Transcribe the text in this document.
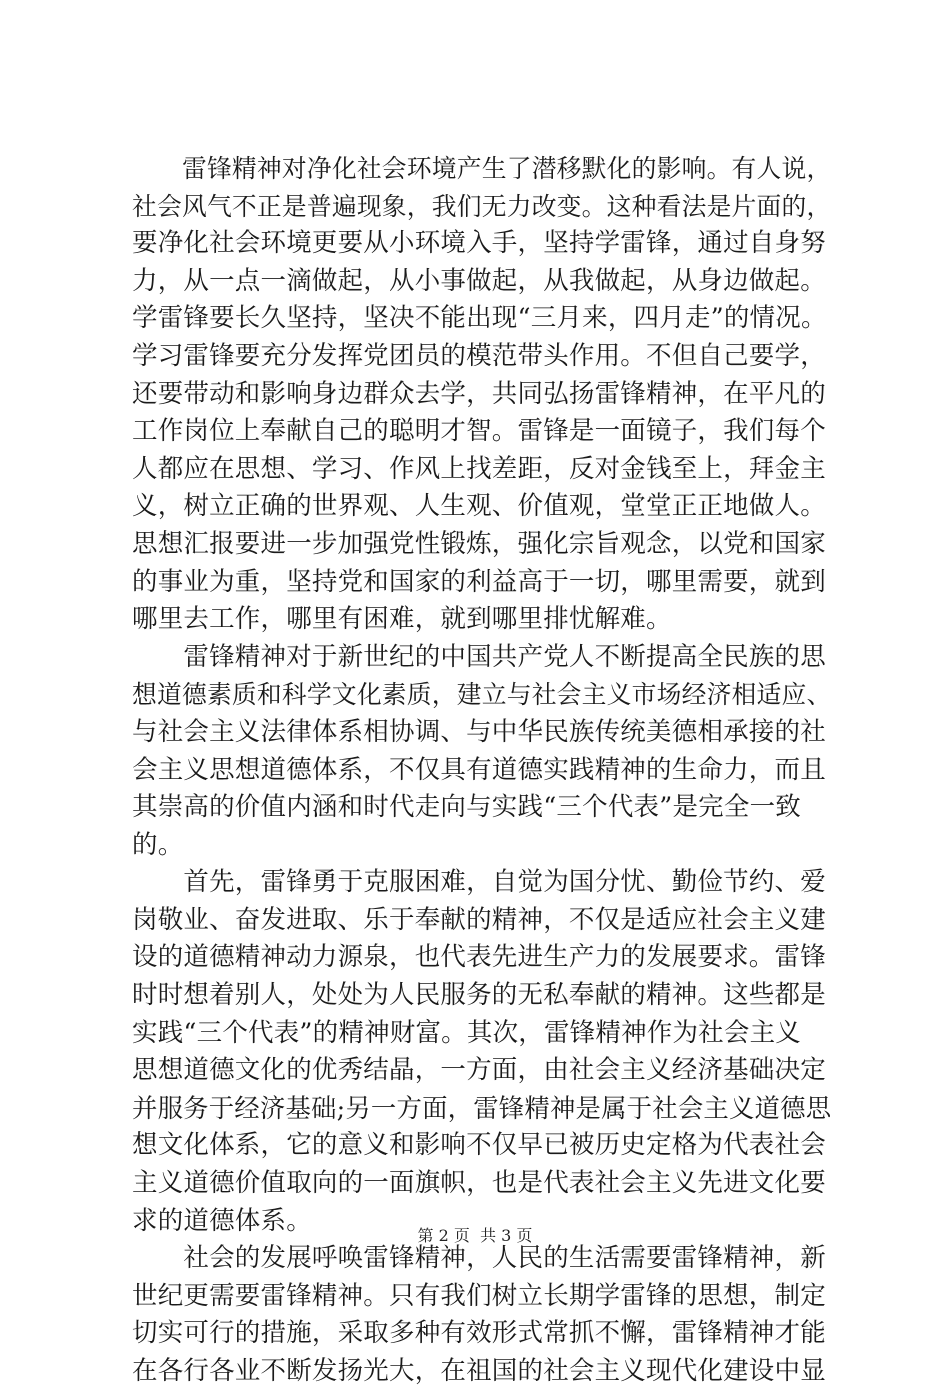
　　雷锋精神对净化社会环境产生了潜移默化的影响。有人说，
社会风气不正是普遍现象，我们无力改变。这种看法是片面的，
要净化社会环境更要从小环境入手，坚持学雷锋，通过自身努
力，从一点一滴做起，从小事做起，从我做起，从身边做起。
学雷锋要长久坚持，坚决不能出现“三月来，四月走”的情况。
学习雷锋要充分发挥党团员的模范带头作用。不但自己要学，
还要带动和影响身边群众去学，共同弘扬雷锋精神，在平凡的
工作岗位上奉献自己的聪明才智。雷锋是一面镜子，我们每个
人都应在思想、学习、作风上找差距，反对金钱至上，拜金主
义，树立正确的世界观、人生观、价值观，堂堂正正地做人。
思想汇报要进一步加强党性锻炼，强化宗旨观念，以党和国家
的事业为重，坚持党和国家的利益高于一切，哪里需要，就到
哪里去工作，哪里有困难，就到哪里排忧解难。
　　雷锋精神对于新世纪的中国共产党人不断提高全民族的思
想道德素质和科学文化素质，建立与社会主义市场经济相适应、
与社会主义法律体系相协调、与中华民族传统美德相承接的社
会主义思想道德体系，不仅具有道德实践精神的生命力，而且
其崇高的价值内涵和时代走向与实践“三个代表”是完全一致
的。
　　首先，雷锋勇于克服困难，自觉为国分忧、勤俭节约、爱
岗敬业、奋发进取、乐于奉献的精神，不仅是适应社会主义建
设的道德精神动力源泉，也代表先进生产力的发展要求。雷锋
时时想着别人，处处为人民服务的无私奉献的精神。这些都是
实践“三个代表”的精神财富。其次，雷锋精神作为社会主义
思想道德文化的优秀结晶，一方面，由社会主义经济基础决定
并服务于经济基础;另一方面，雷锋精神是属于社会主义道德思
想文化体系，它的意义和影响不仅早已被历史定格为代表社会
主义道德价值取向的一面旗帜，也是代表社会主义先进文化要
求的道德体系。
　　社会的发展呼唤雷锋精神，人民的生活需要雷锋精神，新
世纪更需要雷锋精神。只有我们树立长期学雷锋的思想，制定
切实可行的措施，采取多种有效形式常抓不懈，雷锋精神才能
在各行各业不断发扬光大，在祖国的社会主义现代化建设中显
第 2 页  共 3 页
